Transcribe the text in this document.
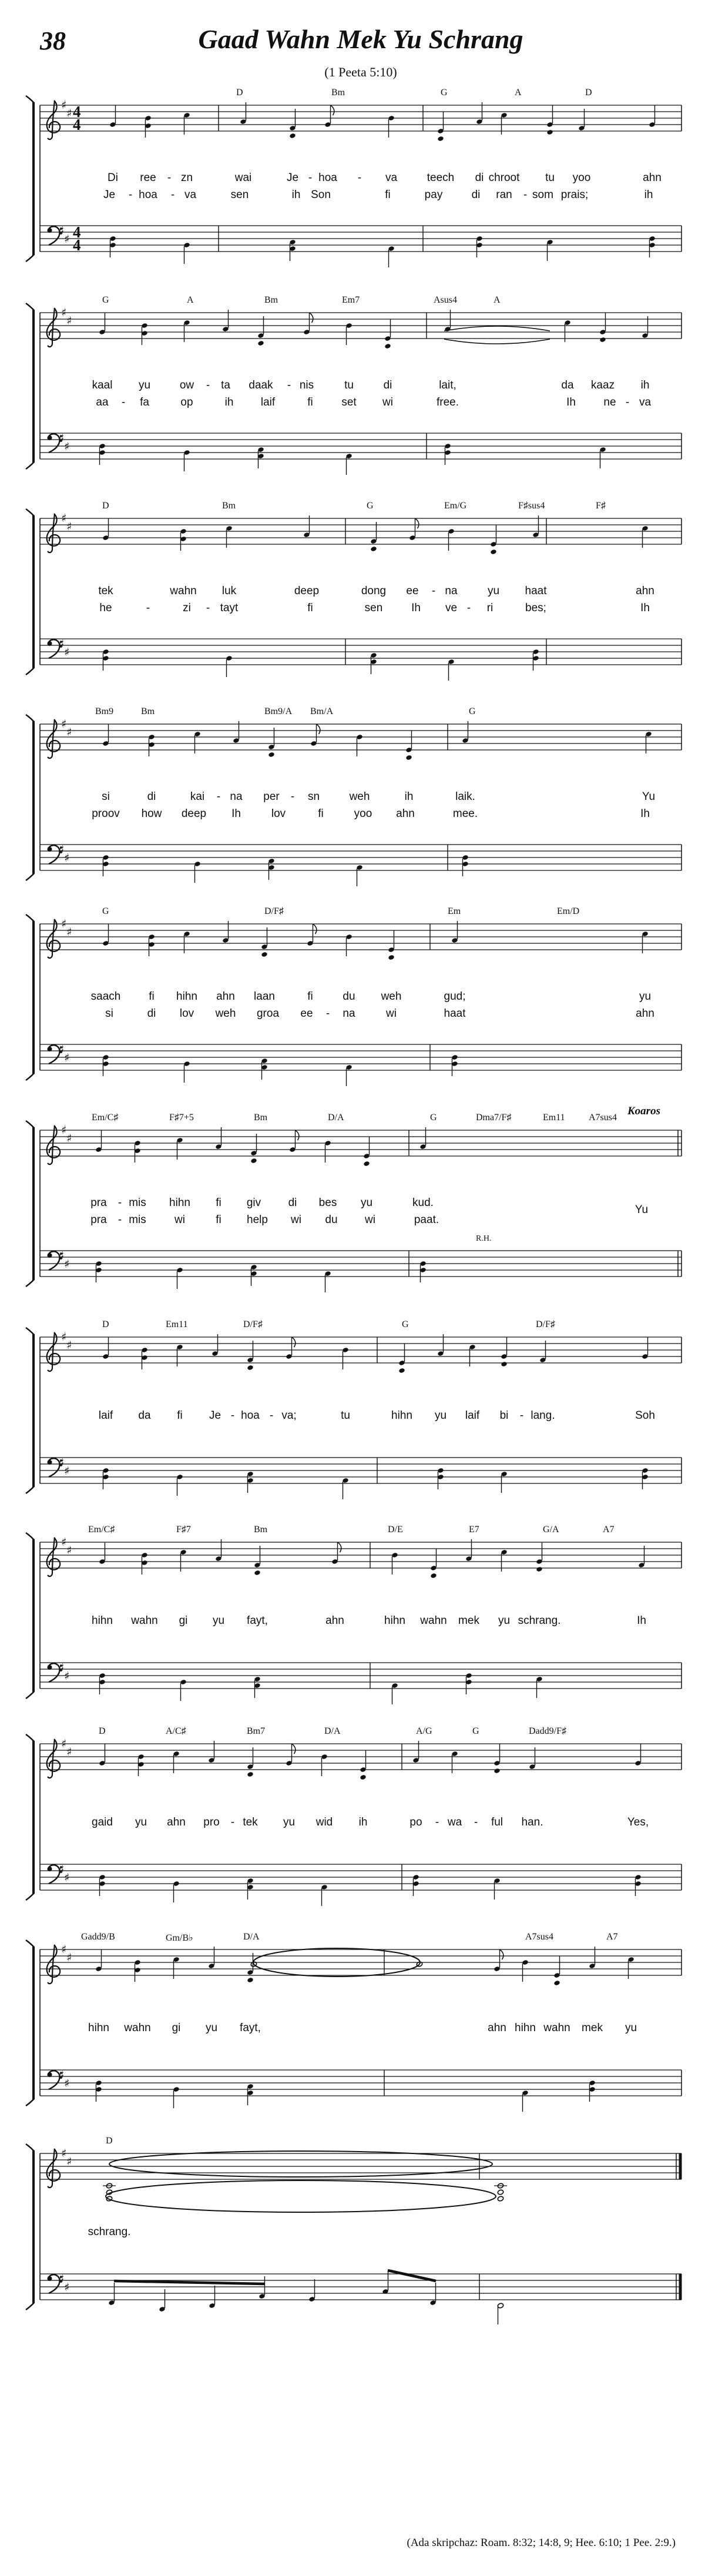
38	Gaad Wahn Mek Yu Schrang
(1 Peeta 5:10)
♯
♯
♯
♯
4
4
4
4
D	Bm	G	A	D
Di ree - zn	wai	Je - hoa - va	teech di chroot tu yoo	ahn
Je - hoa - va	sen	ih Son	fi	pay	di ran - som prais;	ih
♯
♯
♯
♯
G	A	Bm	Em7	Asus4	A
kaal yu	ow - ta daak - nis	tu	di	lait,	da kaaz ih
aa - fa	op	ih laif	fi	set wi	free.	Ih	ne - va
♯
♯
♯
♯
D	Bm	G	Em/G	F♯sus4	F♯
tek	wahn luk	deep	dong ee - na	yu haat	ahn
he	-	zi - tayt	fi	sen	Ih ve - ri	bes;	Ih
♯
♯
♯
♯
Bm9	Bm	Bm9/A Bm/A	G
si	di	kai - na per - sn	weh	ih	laik.	Yu
proov how deep Ih	lov	fi	yoo ahn	mee.	Ih
♯
♯
♯
♯
G	D/F♯	Em	Em/D
saach	fi hihn ahn laan	fi	du weh	gud;	yu
si	di lov weh groa ee - na	wi	haat	ahn
♯
♯
♯
♯
Em/C♯	F♯7+5	Bm	D/A	G	Dma7/F♯	Em11	A7sus4
pra - mis hihn fi giv di bes yu	kud.
pra - mis	wi	fi help wi du wi	paat.
Koaros
Yu
R.H.
♯
♯
♯
♯
D	Em11	D/F♯	G	D/F♯
laif da fi Je - hoa - va;	tu	hihn yu laif bi - lang.	Soh
♯
♯
♯
♯
Em/C♯	F♯7	Bm	D/E	E7	G/A	A7
hihn wahn gi yu fayt,	ahn	hihn wahn mek yu schrang.	Ih
♯
♯
♯
♯
D	A/C♯	Bm7	D/A	A/G	G	Dadd9/F♯
gaid yu ahn pro - tek yu wid ih	po - wa - ful han.	Yes,
♯
♯
♯
♯
Gadd9/B	Gm/B♭	D/A	A7sus4	A7
hihn wahn gi yu fayt,	ahn hihn wahn mek yu
♯
♯
♯
♯
D
schrang.
(Ada skripchaz: Roam. 8:32; 14:8, 9; Hee. 6:10; 1 Pee. 2:9.)
